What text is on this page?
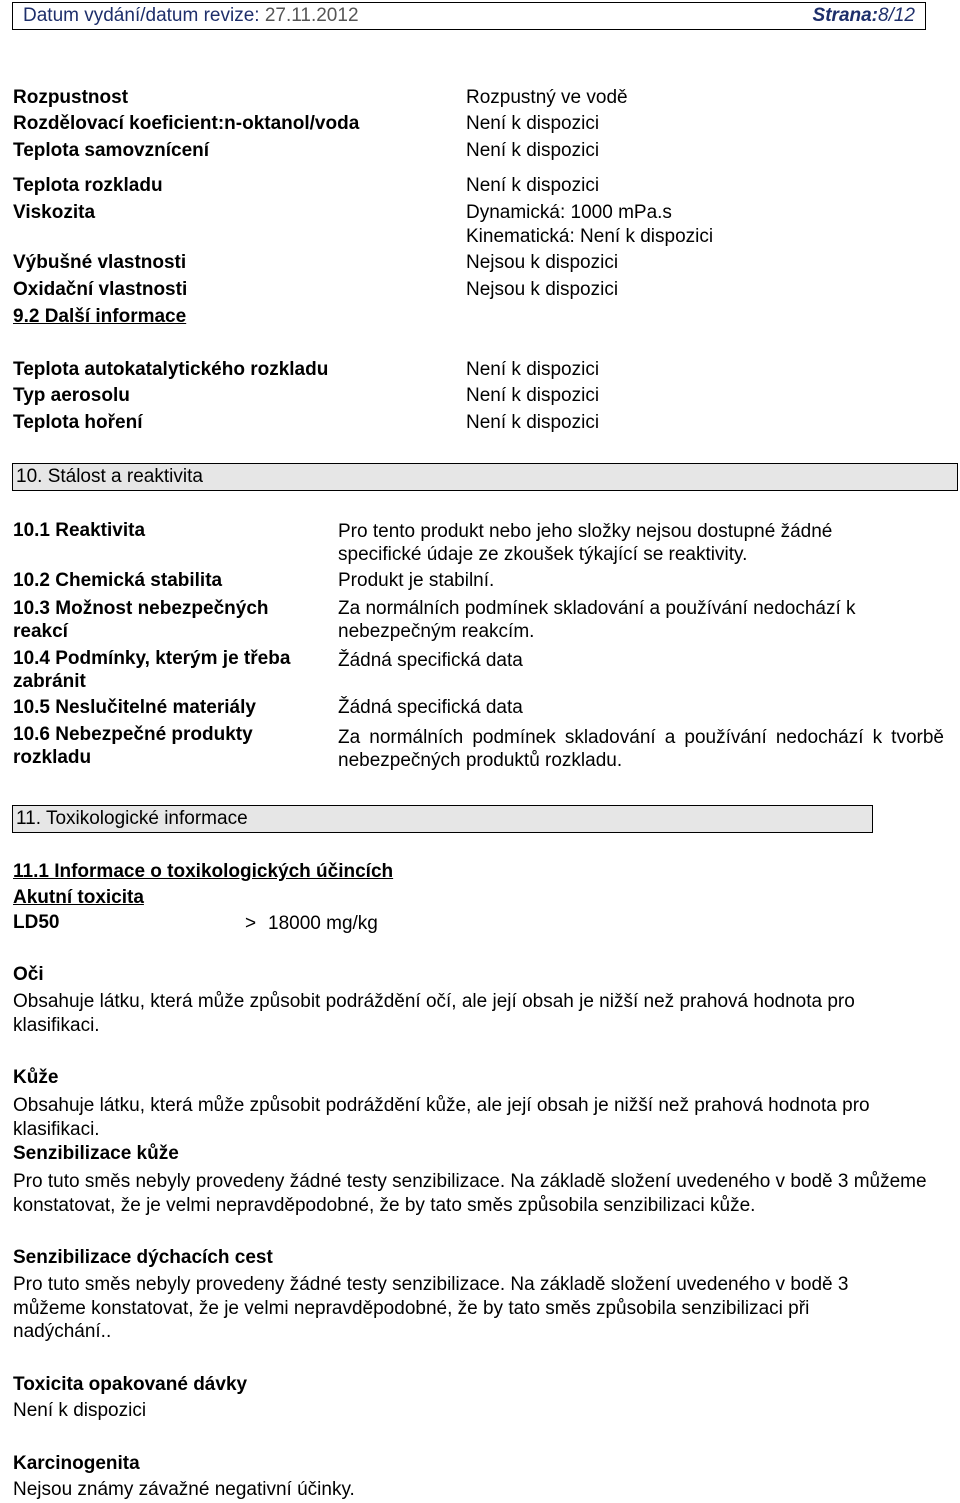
Datum vydání/datum revize: 27.11.2012	Strana:8/12
Rozpustnost	Rozpustný ve vodě
Rozdělovací koeficient:n-oktanol/voda	Není k dispozici
Teplota samovznícení	Není k dispozici
Teplota rozkladu	Není k dispozici
Viskozita	Dynamická: 1000 mPa.s
Kinematická: Není k dispozici
Výbušné vlastnosti	Nejsou k dispozici
Oxidační vlastnosti	Nejsou k dispozici
9.2 Další informace
Teplota autokatalytického rozkladu	Není k dispozici
Typ aerosolu	Není k dispozici
Teplota hoření	Není k dispozici
10. Stálost a reaktivita
10.1 Reaktivita	Pro tento produkt nebo jeho složky nejsou dostupné žádné specifické údaje ze zkoušek týkající se reaktivity.
10.2 Chemická stabilita	Produkt je stabilní.
10.3 Možnost nebezpečných reakcí
Za normálních podmínek skladování a používání nedochází k nebezpečným reakcím.
10.4 Podmínky, kterým je třeba zabránit
Žádná specifická data
10.5 Neslučitelné materiály	Žádná specifická data
10.6 Nebezpečné produkty rozkladu
Za normálních podmínek skladování a používání nedochází k tvorbě nebezpečných produktů rozkladu.
11. Toxikologické informace
11.1 Informace o toxikologických účincích
Akutní toxicita
LD50	> 18000 mg/kg
Oči
Obsahuje látku, která může způsobit podráždění očí, ale její obsah je nižší než prahová hodnota pro klasifikaci.
Kůže
Obsahuje látku, která může způsobit podráždění kůže, ale její obsah je nižší než prahová hodnota pro klasifikaci.
Senzibilizace kůže
Pro tuto směs nebyly provedeny žádné testy senzibilizace. Na základě složení uvedeného v bodě 3 můžeme konstatovat, že je velmi nepravděpodobné, že by tato směs způsobila senzibilizaci kůže.
Senzibilizace dýchacích cest
Pro tuto směs nebyly provedeny žádné testy senzibilizace. Na základě složení uvedeného v bodě 3 můžeme konstatovat, že je velmi nepravděpodobné, že by tato směs způsobila senzibilizaci při nadýchání..
Toxicita opakované dávky
Není k dispozici
Karcinogenita
Nejsou známy závažné negativní účinky.
